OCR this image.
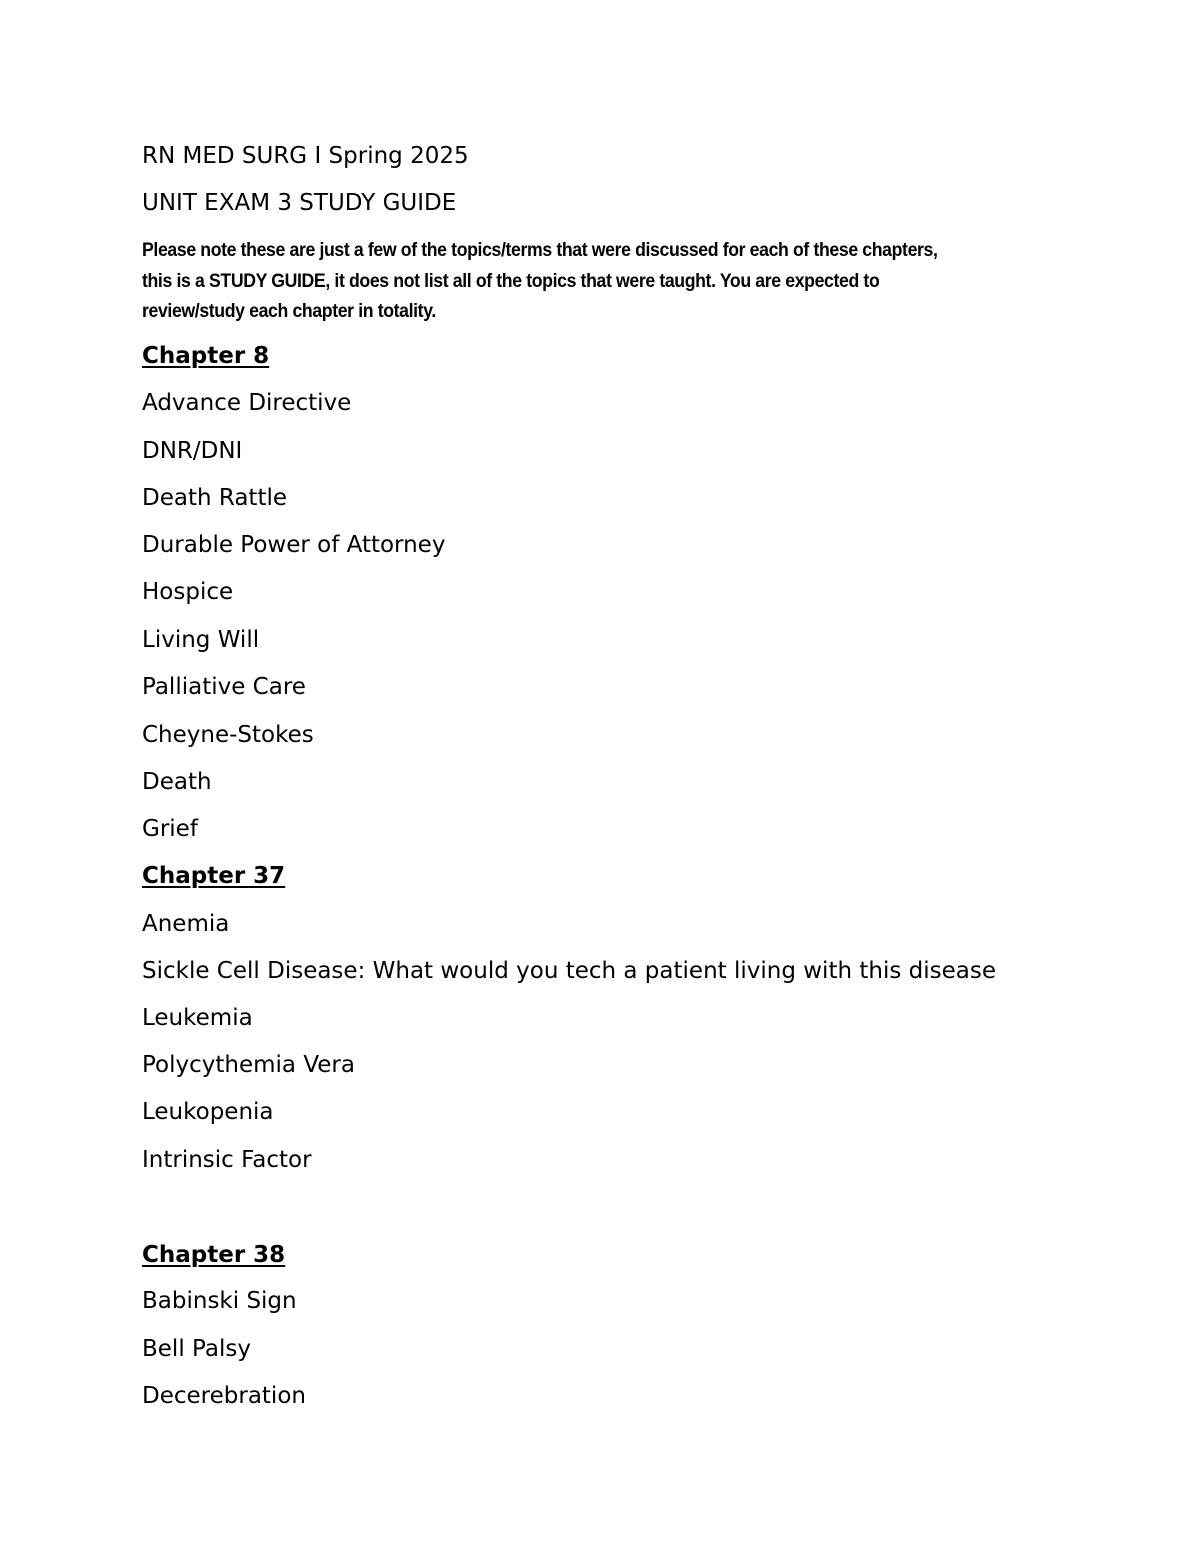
RN MED SURG I Spring 2025
UNIT EXAM 3 STUDY GUIDE
Please note these are just a few of the topics/terms that were discussed for each of these chapters,
this is a STUDY GUIDE, it does not list all of the topics that were taught. You are expected to
review/study each chapter in totality.
Chapter 8
Advance Directive
DNR/DNI
Death Rattle
Durable Power of Attorney
Hospice
Living Will
Palliative Care
Cheyne-Stokes
Death
Grief
Chapter 37
Anemia
Sickle Cell Disease: What would you tech a patient living with this disease
Leukemia
Polycythemia Vera
Leukopenia
Intrinsic Factor
Chapter 38
Babinski Sign
Bell Palsy
Decerebration
